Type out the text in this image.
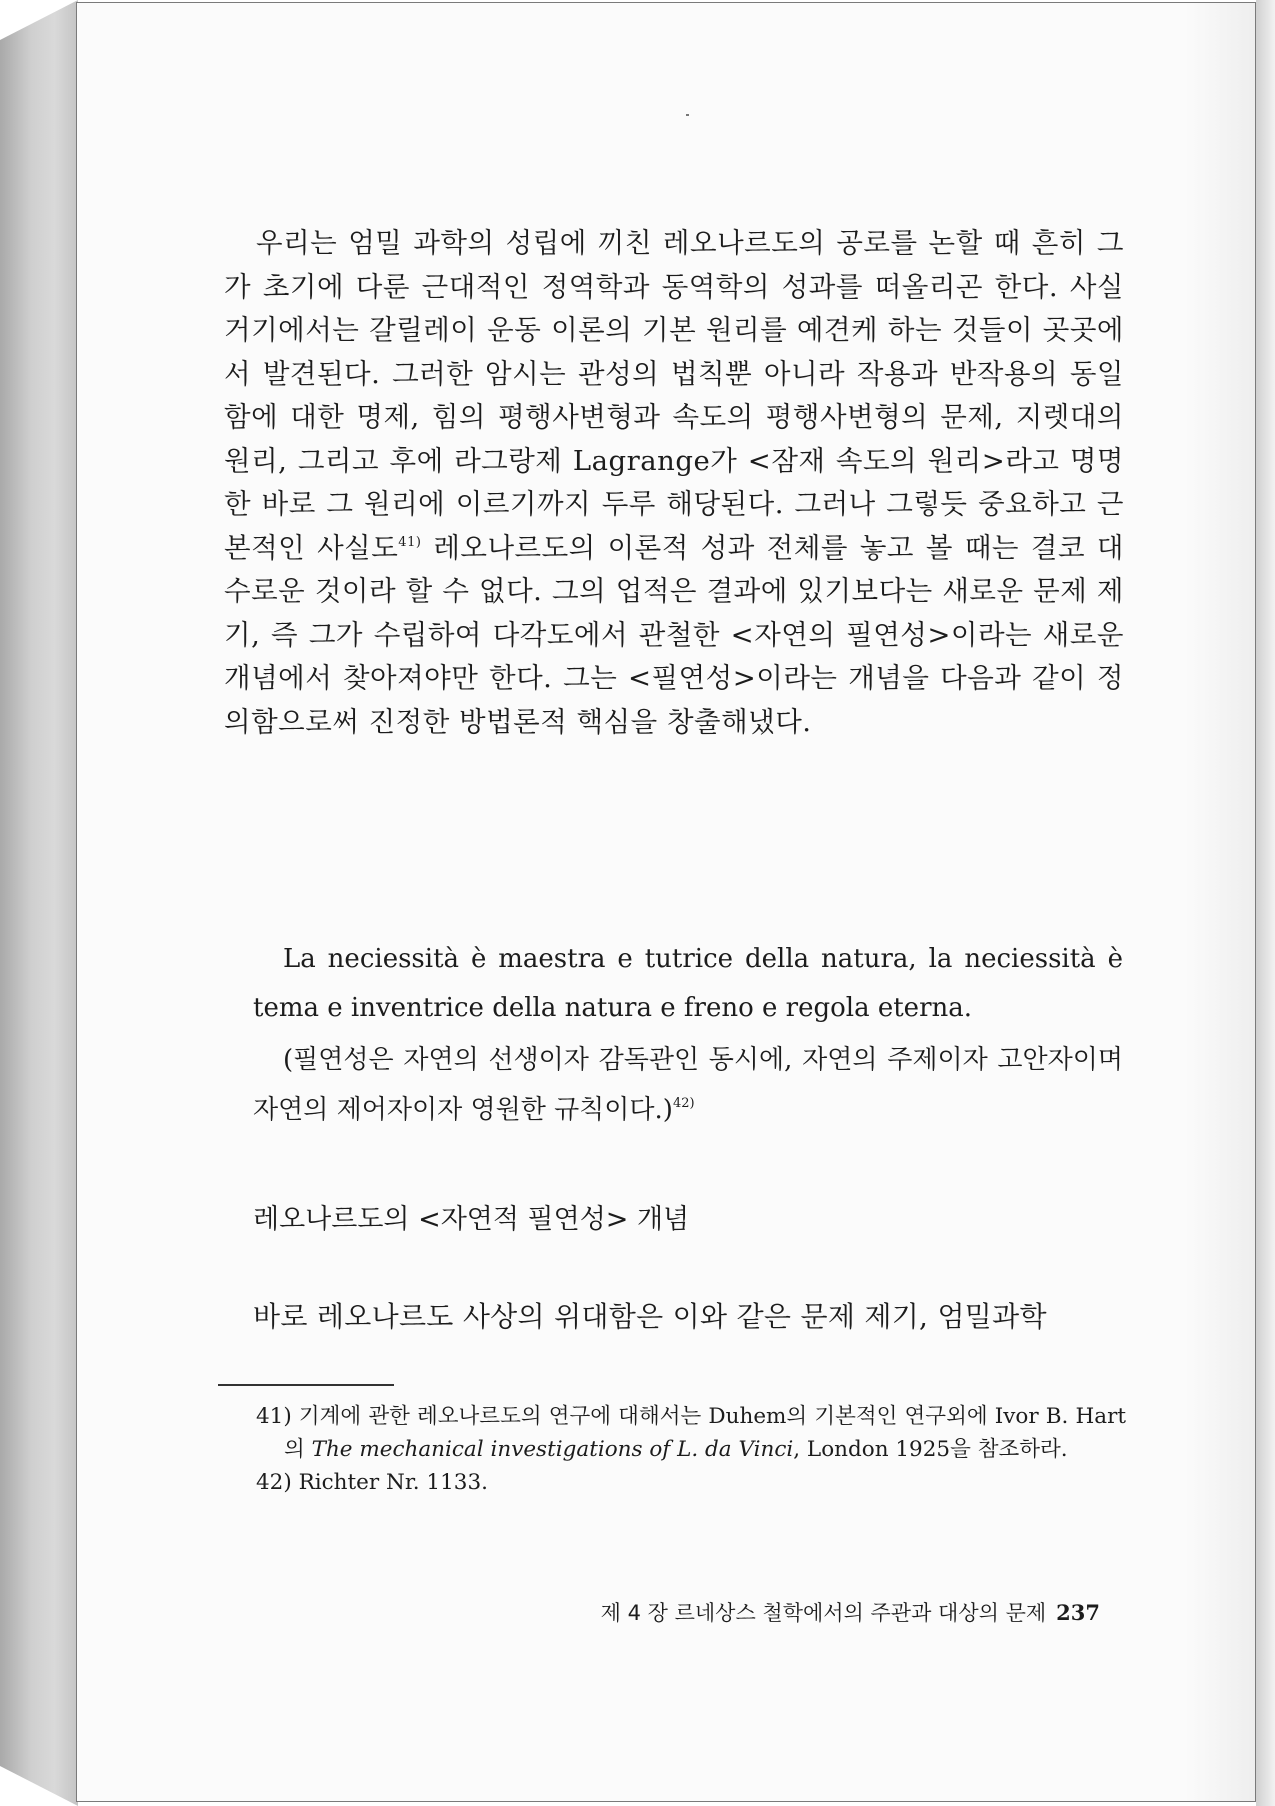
우리는 엄밀 과학의 성립에 끼친 레오나르도의 공로를 논할 때 흔히 그가 초기에 다룬 근대적인 정역학과 동역학의 성과를 떠올리곤 한다. 사실 거기에서는 갈릴레이 운동 이론의 기본 원리를 예견케 하는 것들이 곳곳에서 발견된다. 그러한 암시는 관성의 법칙뿐 아니라 작용과 반작용의 동일함에 대한 명제, 힘의 평행사변형과 속도의 평행사변형의 문제, 지렛대의 원리, 그리고 후에 라그랑제 Lagrange가 <잠재 속도의 원리>라고 명명한 바로 그 원리에 이르기까지 두루 해당된다. 그러나 그렇듯 중요하고 근본적인 사실도$^{41)}$ 레오나르도의 이론적 성과 전체를 놓고 볼 때는 결코 대수로운 것이라 할 수 없다. 그의 업적은 결과에 있기보다는 새로운 문제 제기, 즉 그가 수립하여 다각도에서 관철한 <자연의 필연성>이라는 새로운 개념에서 찾아져야만 한다. 그는 <필연성>이라는 개념을 다음과 같이 정의함으로써 진정한 방법론적 핵심을 창출해냈다.

La neciessità è maestra e tutrice della natura, la neciessità è tema e inventrice della natura e freno e regola eterna.

(필연성은 자연의 선생이자 감독관인 동시에, 자연의 주제이자 고안자이며 자연의 제어자이자 영원한 규칙이다.)$^{42)}$

레오나르도의 <자연적 필연성> 개념
바로 레오나르도 사상의 위대함은 이와 같은 문제 제기, 엄밀과학
41) 기계에 관한 레오나르도의 연구에 대해서는 Duhem의 기본적인 연구외에 Ivor B. Hart의 The mechanical investigations of L. da Vinci, London 1925을 참조하라.
42) Richter Nr. 1133.
제 4 장 르네상스 철학에서의 주관과 대상의 문제 237
